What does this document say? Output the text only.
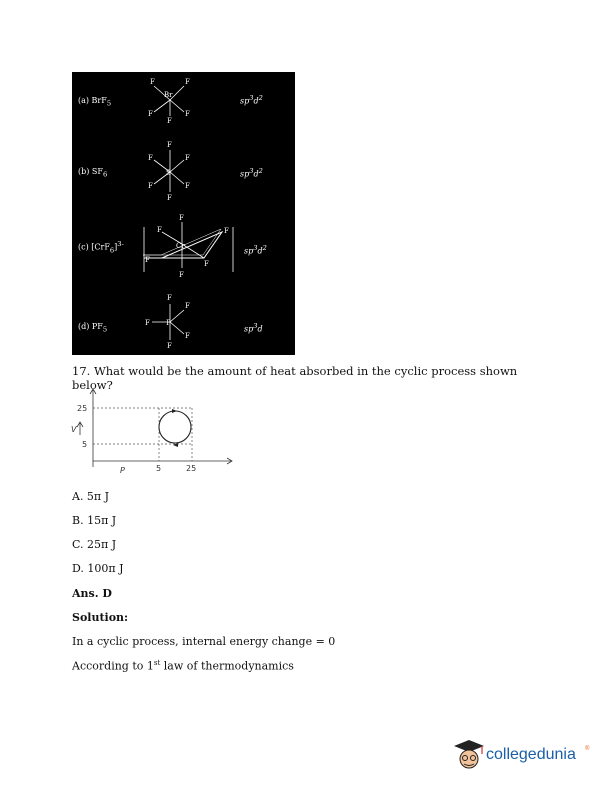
Br
S
Cr
P
F	F
F	F
F
F
F
F	F
F	F
F
F
F
F
F
F
F
F
F
F
F
(a) BrF$_5$
(b) $SF_6$
(c) $[CrF_6]^{3-}$
(d) $PF_5$
$sp^3d^2$
$sp^3d^2$
$sp^3d^2$
$sp^3d$
17. What would be the amount of heat absorbed in the cyclic process shown below?
25
5
V
P	5	25
A. 5π J
B. 15π J
C. 25π J
D. 100π J
Ans. D
Solution:
In a cyclic process, internal energy change = 0
According to 1st law of thermodynamics
collegedunia ®
